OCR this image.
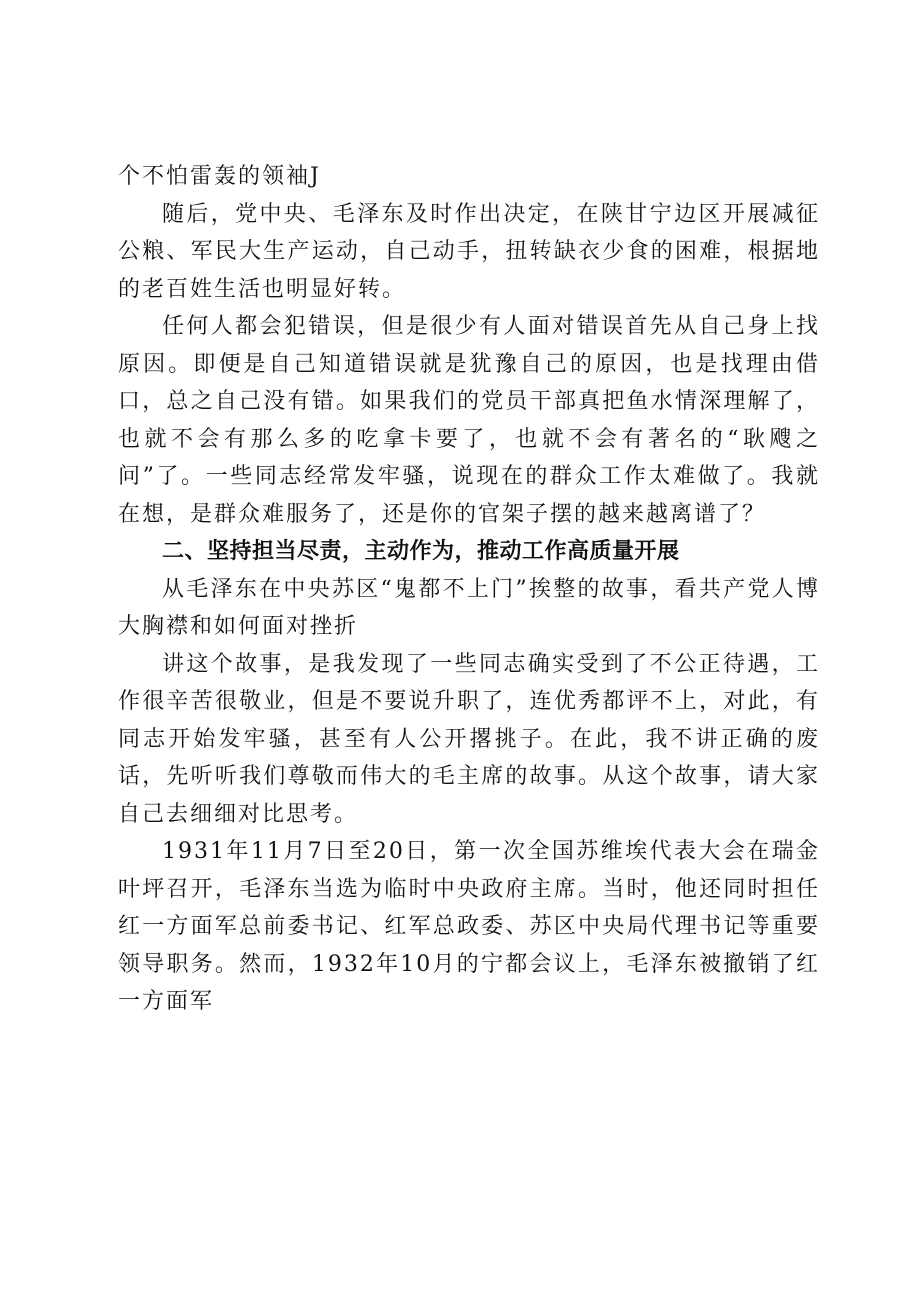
个不怕雷轰的领袖J

随后，党中央、毛泽东及时作出决定，在陕甘宁边区开展减征公粮、军民大生产运动，自己动手，扭转缺衣少食的困难，根据地的老百姓生活也明显好转。

任何人都会犯错误，但是很少有人面对错误首先从自己身上找原因。即便是自己知道错误就是犹豫自己的原因，也是找理由借口，总之自己没有错。如果我们的党员干部真把鱼水情深理解了，也就不会有那么多的吃拿卡要了，也就不会有著名的“耿飕之问”了。一些同志经常发牢骚，说现在的群众工作太难做了。我就在想，是群众难服务了，还是你的官架子摆的越来越离谱了？

二、坚持担当尽责，主动作为，推动工作高质量开展

从毛泽东在中央苏区“鬼都不上门”挨整的故事，看共产党人博大胸襟和如何面对挫折

讲这个故事，是我发现了一些同志确实受到了不公正待遇，工作很辛苦很敬业，但是不要说升职了，连优秀都评不上，对此，有同志开始发牢骚，甚至有人公开撂挑子。在此，我不讲正确的废话，先听听我们尊敬而伟大的毛主席的故事。从这个故事，请大家自己去细细对比思考。

1931年11月7日至20日，第一次全国苏维埃代表大会在瑞金叶坪召开，毛泽东当选为临时中央政府主席。当时，他还同时担任红一方面军总前委书记、红军总政委、苏区中央局代理书记等重要领导职务。然而，1932年10月的宁都会议上，毛泽东被撤销了红一方面军
